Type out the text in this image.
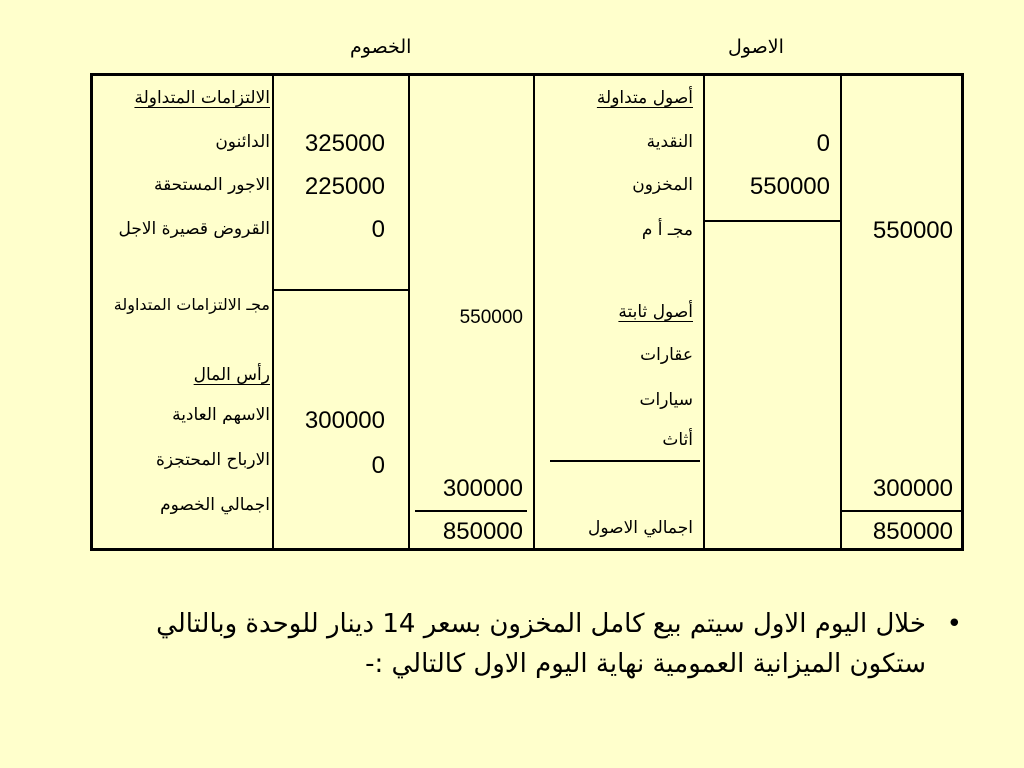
الخصوم	الاصول
الالتزامات المتداولة
الدائنون
الاجور المستحقة
القروض قصيرة الاجل
مجـ الالتزامات المتداولة
رأس المال
الاسهم العادية
الارباح المحتجزة
اجمالي الخصوم
325000
225000
0
300000
0
550000
300000
850000
أصول متداولة
النقدية
المخزون
مجـ أ م
أصول ثابتة
عقارات
سيارات
أثاث
اجمالي الاصول
0
550000
550000
300000
850000
•
خلال اليوم الاول سيتم بيع كامل المخزون بسعر 14 دينار للوحدة وبالتالي ستكون الميزانية العمومية نهاية اليوم الاول كالتالي :-
